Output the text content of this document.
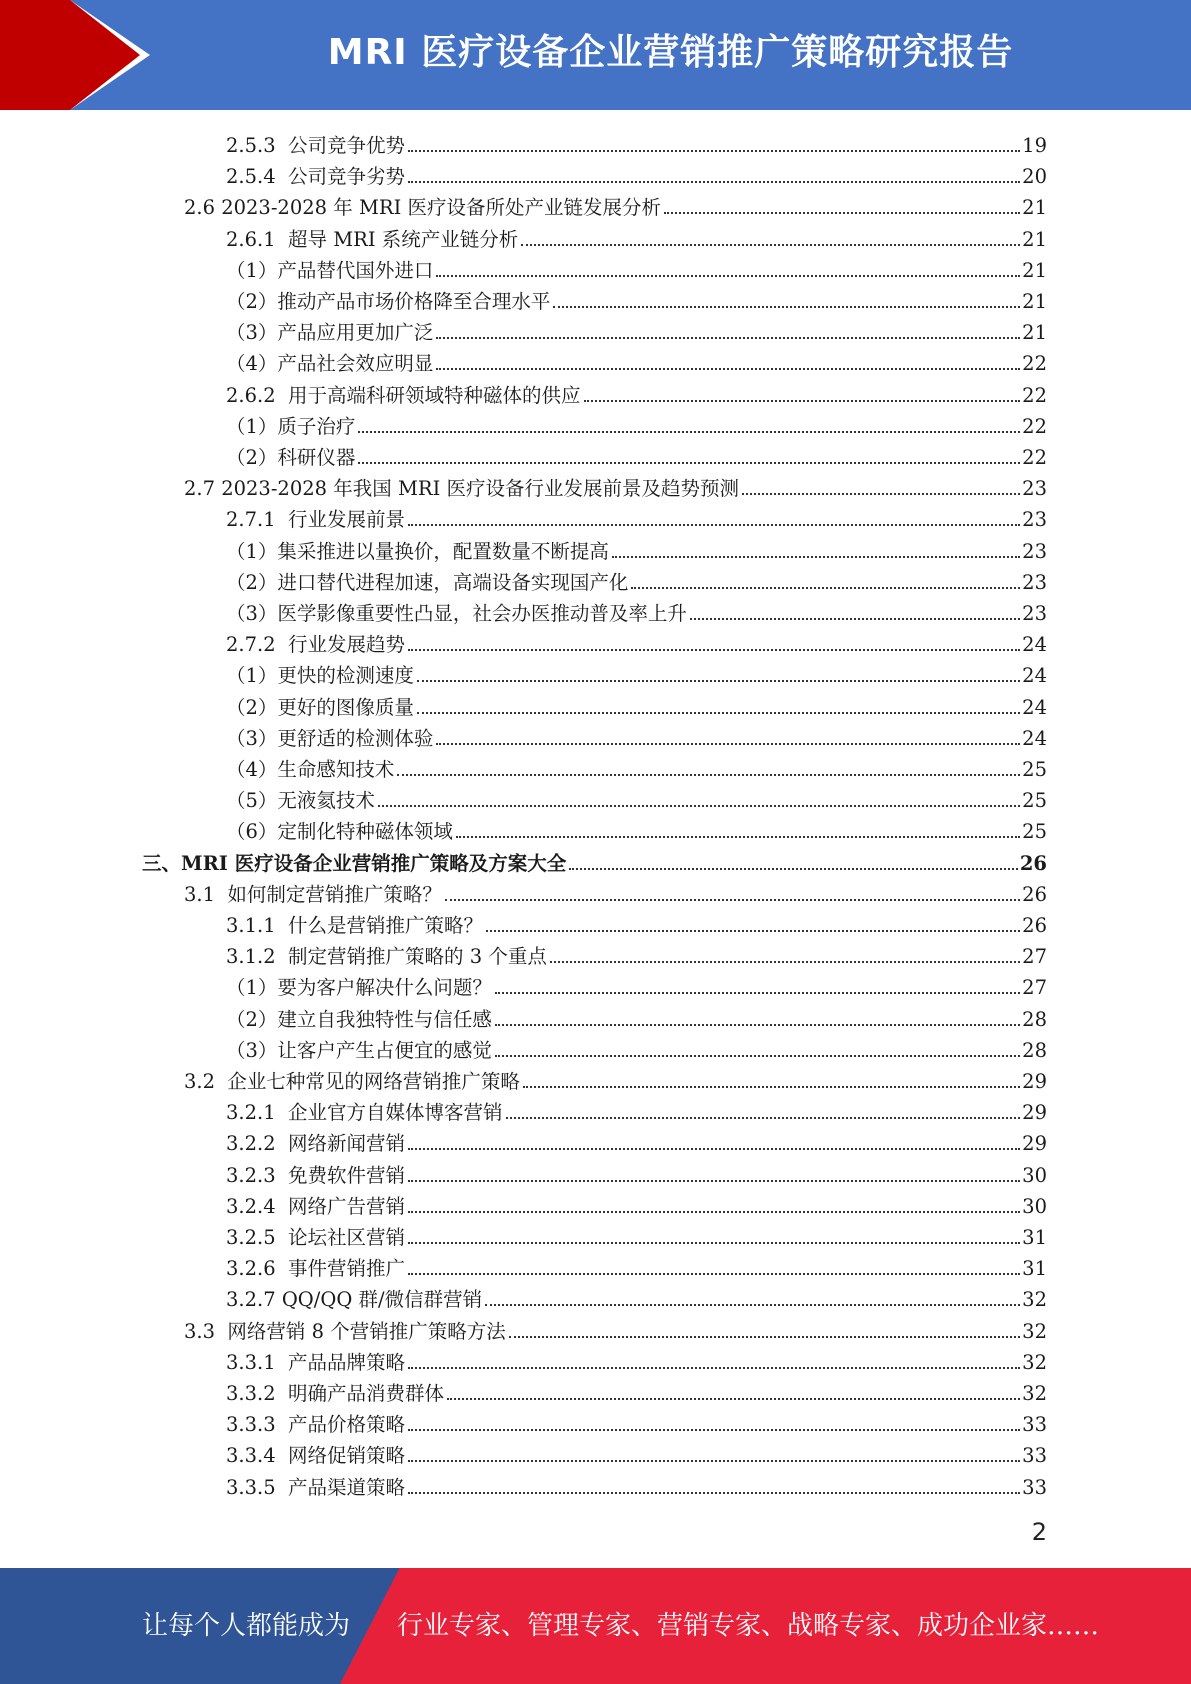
MRI 医疗设备企业营销推广策略研究报告
2.5.3  公司竞争优势	19
2.5.4  公司竞争劣势	20
2.6 2023-2028 年 MRI 医疗设备所处产业链发展分析	21
2.6.1  超导 MRI 系统产业链分析	21
（1）产品替代国外进口	21
（2）推动产品市场价格降至合理水平	21
（3）产品应用更加广泛	21
（4）产品社会效应明显	22
2.6.2  用于高端科研领域特种磁体的供应	22
（1）质子治疗	22
（2）科研仪器	22
2.7 2023-2028 年我国 MRI 医疗设备行业发展前景及趋势预测	23
2.7.1  行业发展前景	23
（1）集采推进以量换价，配置数量不断提高	23
（2）进口替代进程加速，高端设备实现国产化	23
（3）医学影像重要性凸显，社会办医推动普及率上升	23
2.7.2  行业发展趋势	24
（1）更快的检测速度	24
（2）更好的图像质量	24
（3）更舒适的检测体验	24
（4）生命感知技术	25
（5）无液氦技术	25
（6）定制化特种磁体领域	25
三、MRI 医疗设备企业营销推广策略及方案大全	26
3.1  如何制定营销推广策略？	26
3.1.1  什么是营销推广策略？	26
3.1.2  制定营销推广策略的 3 个重点	27
（1）要为客户解决什么问题？	27
（2）建立自我独特性与信任感	28
（3）让客户产生占便宜的感觉	28
3.2  企业七种常见的网络营销推广策略	29
3.2.1  企业官方自媒体博客营销	29
3.2.2  网络新闻营销	29
3.2.3  免费软件营销	30
3.2.4  网络广告营销	30
3.2.5  论坛社区营销	31
3.2.6  事件营销推广	31
3.2.7 QQ/QQ 群/微信群营销	32
3.3  网络营销 8 个营销推广策略方法	32
3.3.1  产品品牌策略	32
3.3.2  明确产品消费群体	32
3.3.3  产品价格策略	33
3.3.4  网络促销策略	33
3.3.5  产品渠道策略	33
2
让每个人都能成为 行业专家、管理专家、营销专家、战略专家、成功企业家……
